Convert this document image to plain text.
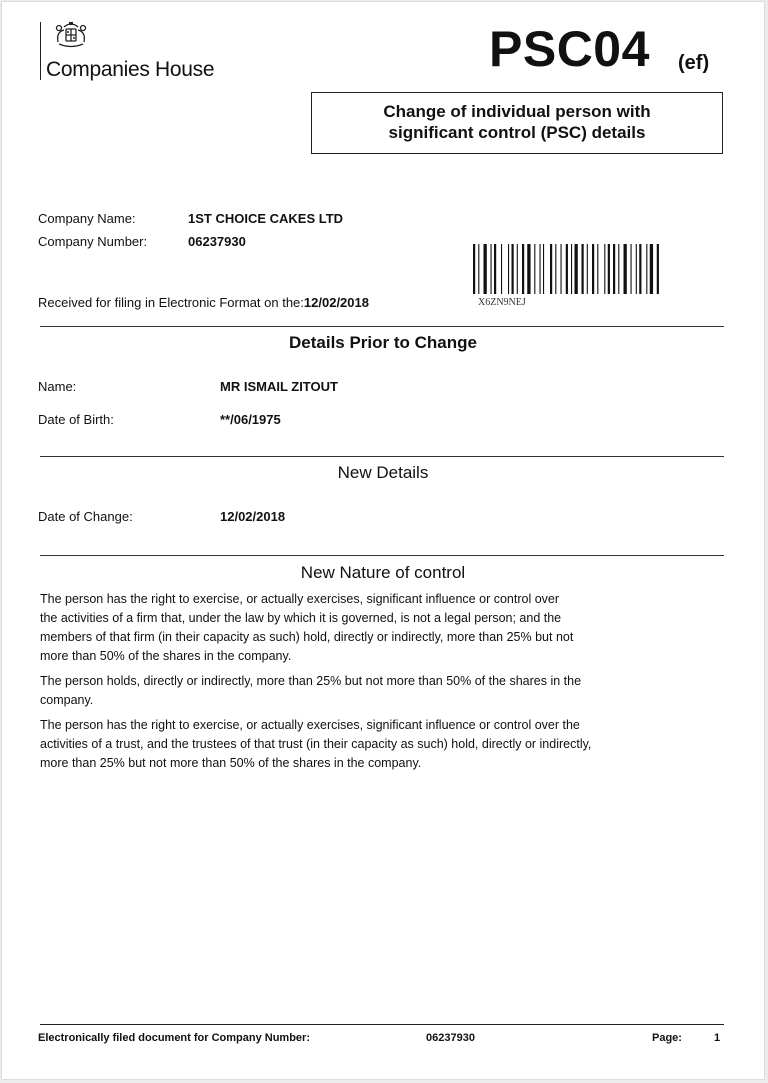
Companies House	PSC04 (ef)
Change of individual person with
significant control (PSC) details
Company Name:	1ST CHOICE CAKES LTD
Company Number:	06237930
X6ZN9NEJ
Received for filing in Electronic Format on the:12/02/2018
Details Prior to Change
Name:	MR ISMAIL ZITOUT
Date of Birth:	**/06/1975
New Details
Date of Change:	12/02/2018
New Nature of control
The person has the right to exercise, or actually exercises, significant influence or control over
the activities of a firm that, under the law by which it is governed, is not a legal person; and the
members of that firm (in their capacity as such) hold, directly or indirectly, more than 25% but not
more than 50% of the shares in the company.
The person holds, directly or indirectly, more than 25% but not more than 50% of the shares in the
company.
The person has the right to exercise, or actually exercises, significant influence or control over the
activities of a trust, and the trustees of that trust (in their capacity as such) hold, directly or indirectly,
more than 25% but not more than 50% of the shares in the company.
Electronically filed document for Company Number:	06237930	Page:	1
